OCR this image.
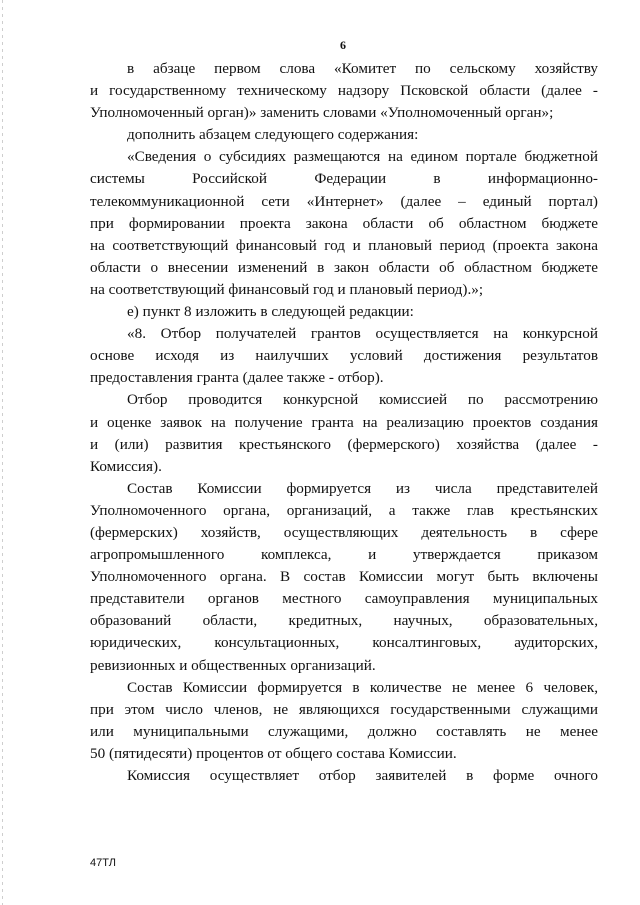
6
в абзаце первом слова «Комитет по сельскому хозяйству
и государственному техническому надзору Псковской области (далее -
Уполномоченный орган)» заменить словами «Уполномоченный орган»;
дополнить абзацем следующего содержания:
«Сведения о субсидиях размещаются на едином портале бюджетной
системы Российской Федерации в информационно-
телекоммуникационной сети «Интернет» (далее – единый портал)
при формировании проекта закона области об областном бюджете
на соответствующий финансовый год и плановый период (проекта закона
области о внесении изменений в закон области об областном бюджете
на соответствующий финансовый год и плановый период).»;
е) пункт 8 изложить в следующей редакции:
«8. Отбор получателей грантов осуществляется на конкурсной
основе исходя из наилучших условий достижения результатов
предоставления гранта (далее также - отбор).
Отбор проводится конкурсной комиссией по рассмотрению
и оценке заявок на получение гранта на реализацию проектов создания
и (или) развития крестьянского (фермерского) хозяйства (далее -
Комиссия).
Состав Комиссии формируется из числа представителей
Уполномоченного органа, организаций, а также глав крестьянских
(фермерских) хозяйств, осуществляющих деятельность в сфере
агропромышленного комплекса, и утверждается приказом
Уполномоченного органа. В состав Комиссии могут быть включены
представители органов местного самоуправления муниципальных
образований области, кредитных, научных, образовательных,
юридических, консультационных, консалтинговых, аудиторских,
ревизионных и общественных организаций.
Состав Комиссии формируется в количестве не менее 6 человек,
при этом число членов, не являющихся государственными служащими
или муниципальными служащими, должно составлять не менее
50 (пятидесяти) процентов от общего состава Комиссии.
Комиссия осуществляет отбор заявителей в форме очного
47ТЛ
